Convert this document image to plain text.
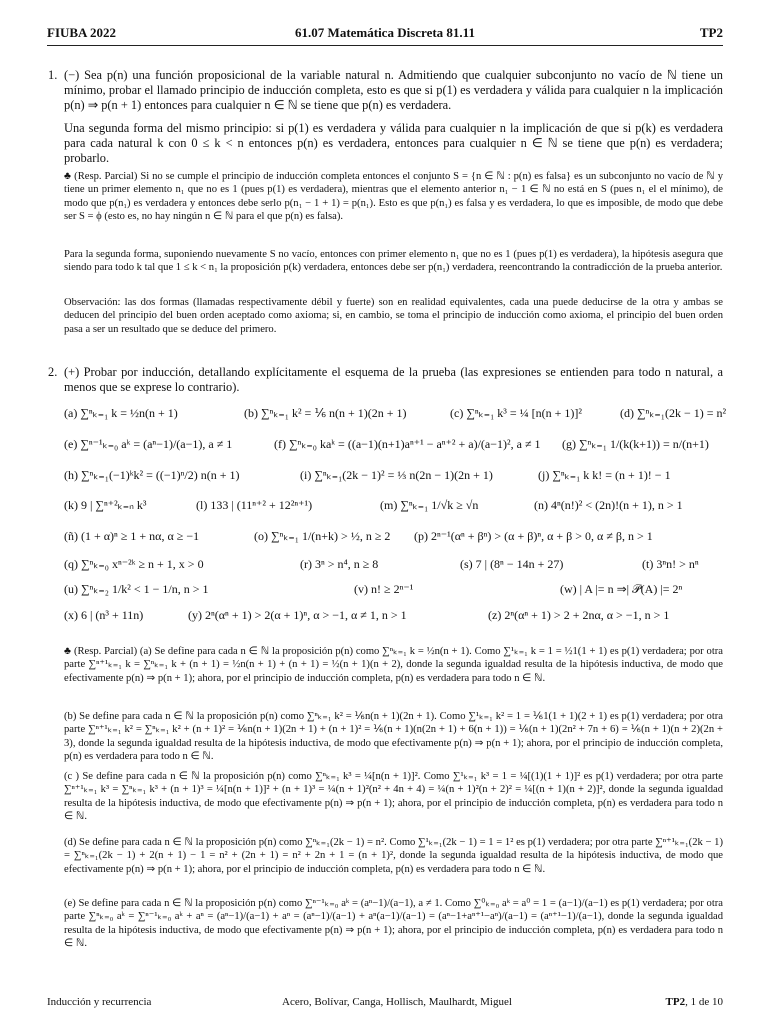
FIUBA 2022	61.07 Matemática Discreta 81.11	TP2
1. (−) Sea p(n) una función proposicional de la variable natural n. Admitiendo que cualquier subconjunto no vacío de ℕ tiene un mínimo, probar el llamado principio de inducción completa, esto es que si p(1) es verdadera y válida para cualquier n la implicación p(n) ⇒ p(n + 1) entonces para cualquier n ∈ ℕ se tiene que p(n) es verdadera.
Una segunda forma del mismo principio: si p(1) es verdadera y válida para cualquier n la implicación de que si p(k) es verdadera para cada natural k con 0 ≤ k < n entonces p(n) es verdadera, entonces para cualquier n ∈ ℕ se tiene que p(n) es verdadera; probarlo.
♣ (Resp. Parcial) Si no se cumple el principio de inducción completa entonces el conjunto S = {n ∈ ℕ : p(n) es falsa} es un subconjunto no vacío de ℕ y tiene un primer elemento n₁ que no es 1 (pues p(1) es verdadera), mientras que el elemento anterior n₁ − 1 ∈ ℕ no está en S (pues n₁ el el mínimo), de modo que p(n₁) es verdadera y entonces debe serlo p(n₁ − 1 + 1) = p(n₁). Esto es que p(n₁) es falsa y es verdadera, lo que es imposible, de modo que debe ser S = ϕ (esto es, no hay ningún n ∈ ℕ para el que p(n) es falsa).
Para la segunda forma, suponiendo nuevamente S no vacío, entonces con primer elemento n₁ que no es 1 (pues p(1) es verdadera), la hipótesis asegura que siendo para todo k tal que 1 ≤ k < n₁ la proposición p(k) verdadera, entonces debe ser p(n₁) verdadera, reencontrando la contradicción de la prueba anterior.
Observación: las dos formas (llamadas respectivamente débil y fuerte) son en realidad equivalentes, cada una puede deducirse de la otra y ambas se deducen del principio del buen orden aceptado como axioma; si, en cambio, se toma el principio de inducción como axioma, el principio del buen orden pasa a ser un resultado que se deduce del primero.
2. (+) Probar por inducción, detallando explícitamente el esquema de la prueba (las expresiones se entienden para todo n natural, a menos que se exprese lo contrario).
(a) ∑ⁿₖ₌₁ k = ½n(n + 1)	(b) ∑ⁿₖ₌₁ k² = ⅙ n(n + 1)(2n + 1)	(c) ∑ⁿₖ₌₁ k³ = ¼ [n(n + 1)]²	(d) ∑ⁿₖ₌₁(2k − 1) = n²
(e) ∑ⁿ⁻¹ₖ₌₀ aᵏ = (aⁿ−1)/(a−1), a ≠ 1	(f) ∑ⁿₖ₌₀ kaᵏ = ((a−1)(n+1)aⁿ⁺¹ − aⁿ⁺² + a)/(a−1)², a ≠ 1 (g) ∑ⁿₖ₌₁ 1/(k(k+1)) = n/(n+1)
(h) ∑ⁿₖ₌₁(−1)ᵏk² = ((−1)ⁿ/2) n(n + 1)	(i) ∑ⁿₖ₌₁(2k − 1)² = ⅓ n(2n − 1)(2n + 1)	(j) ∑ⁿₖ₌₁ k k! = (n + 1)! − 1
(k) 9 | ∑ⁿ⁺²ₖ₌ₙ k³	(l) 133 | (11ⁿ⁺² + 12²ⁿ⁺¹)	(m) ∑ⁿₖ₌₁ 1/√k ≥ √n	(n) 4ⁿ(n!)² < (2n)!(n + 1), n > 1
(ñ) (1 + α)ⁿ ≥ 1 + nα, α ≥ −1	(o) ∑ⁿₖ₌₁ 1/(n+k) > ½, n ≥ 2 (p) 2ⁿ⁻¹(αⁿ + βⁿ) > (α + β)ⁿ, α + β > 0, α ≠ β, n > 1
(q) ∑ⁿₖ₌₀ xⁿ⁻²ᵏ ≥ n + 1, x > 0	(r) 3ⁿ > n⁴, n ≥ 8	(s) 7 | (8ⁿ − 14n + 27)	(t) 3ⁿn! > nⁿ
(u) ∑ⁿₖ₌₂ 1/k² < 1 − 1/n, n > 1	(v) n! ≥ 2ⁿ⁻¹	(w) | A |= n ⇒| 𝒫(A) |= 2ⁿ
(x) 6 | (n³ + 11n)	(y) 2ⁿ(αⁿ + 1) > 2(α + 1)ⁿ, α > −1, α ≠ 1, n > 1	(z) 2ⁿ(αⁿ + 1) > 2 + 2nα, α > −1, n > 1
♣ (Resp. Parcial) (a) Se define para cada n ∈ ℕ la proposición p(n) como ∑ⁿₖ₌₁ k = ½n(n + 1). Como ∑¹ₖ₌₁ k = 1 = ½1(1 + 1) es p(1) verdadera; por otra parte ∑ⁿ⁺¹ₖ₌₁ k = ∑ⁿₖ₌₁ k + (n + 1) = ½n(n + 1) + (n + 1) = ½(n + 1)(n + 2), donde la segunda igualdad resulta de la hipótesis inductiva, de modo que efectivamente p(n) ⇒ p(n + 1); ahora, por el principio de inducción completa, p(n) es verdadera para todo n ∈ ℕ.
(b) Se define para cada n ∈ ℕ la proposición p(n) como ∑ⁿₖ₌₁ k² = ⅙n(n + 1)(2n + 1). Como ∑¹ₖ₌₁ k² = 1 = ⅙1(1 + 1)(2 + 1) es p(1) verdadera; por otra parte ∑ⁿ⁺¹ₖ₌₁ k² = ∑ⁿₖ₌₁ k² + (n + 1)² = ⅙n(n + 1)(2n + 1) + (n + 1)² = ⅙(n + 1)(n(2n + 1) + 6(n + 1)) = ⅙(n + 1)(2n² + 7n + 6) = ⅙(n + 1)(n + 2)(2n + 3), donde la segunda igualdad resulta de la hipótesis inductiva, de modo que efectivamente p(n) ⇒ p(n + 1); ahora, por el principio de inducción completa, p(n) es verdadera para todo n ∈ ℕ.
(c ) Se define para cada n ∈ ℕ la proposición p(n) como ∑ⁿₖ₌₁ k³ = ¼[n(n + 1)]². Como ∑¹ₖ₌₁ k³ = 1 = ¼[(1)(1 + 1)]² es p(1) verdadera; por otra parte ∑ⁿ⁺¹ₖ₌₁ k³ = ∑ⁿₖ₌₁ k³ + (n + 1)³ = ¼[n(n + 1)]² + (n + 1)³ = ¼(n + 1)²(n² + 4n + 4) = ¼(n + 1)²(n + 2)² = ¼[(n + 1)(n + 2)]², donde la segunda igualdad resulta de la hipótesis inductiva, de modo que efectivamente p(n) ⇒ p(n + 1); ahora, por el principio de inducción completa, p(n) es verdadera para todo n ∈ ℕ.
(d) Se define para cada n ∈ ℕ la proposición p(n) como ∑ⁿₖ₌₁(2k − 1) = n². Como ∑¹ₖ₌₁(2k − 1) = 1 = 1² es p(1) verdadera; por otra parte ∑ⁿ⁺¹ₖ₌₁(2k − 1) = ∑ⁿₖ₌₁(2k − 1) + 2(n + 1) − 1 = n² + (2n + 1) = n² + 2n + 1 = (n + 1)², donde la segunda igualdad resulta de la hipótesis inductiva, de modo que efectivamente p(n) ⇒ p(n + 1); ahora, por el principio de inducción completa, p(n) es verdadera para todo n ∈ ℕ.
(e) Se define para cada n ∈ ℕ la proposición p(n) como ∑ⁿ⁻¹ₖ₌₀ aᵏ = (aⁿ−1)/(a−1), a ≠ 1. Como ∑⁰ₖ₌₀ aᵏ = a⁰ = 1 = (a−1)/(a−1) es p(1) verdadera; por otra parte ∑ⁿₖ₌₀ aᵏ = ∑ⁿ⁻¹ₖ₌₀ aᵏ + aⁿ = (aⁿ−1)/(a−1) + aⁿ = (aⁿ−1)/(a−1) + aⁿ(a−1)/(a−1) = (aⁿ−1+aⁿ⁺¹−aⁿ)/(a−1) = (aⁿ⁺¹−1)/(a−1), donde la segunda igualdad resulta de la hipótesis inductiva, de modo que efectivamente p(n) ⇒ p(n + 1); ahora, por el principio de inducción completa, p(n) es verdadera para todo n ∈ ℕ.
Inducción y recurrencia	Acero, Bolívar, Canga, Hollisch, Maulhardt, Miguel	TP2, 1 de 10
